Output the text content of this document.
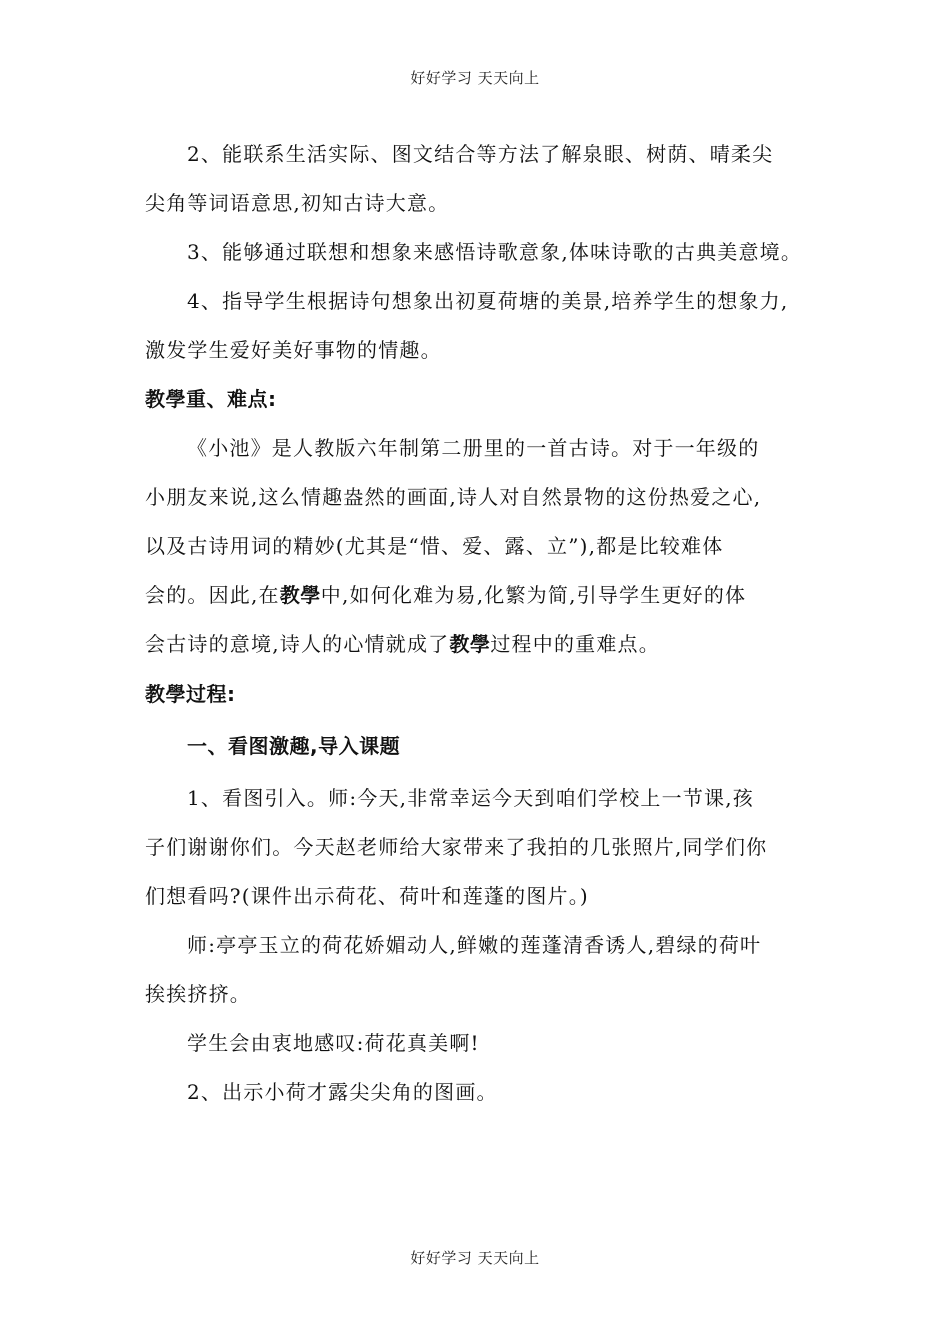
好好学习 天天向上
2、能联系生活实际、图文结合等方法了解泉眼、树荫、晴柔尖
尖角等词语意思,初知古诗大意。
3、能够通过联想和想象来感悟诗歌意象,体味诗歌的古典美意境。
4、指导学生根据诗句想象出初夏荷塘的美景,培养学生的想象力,
激发学生爱好美好事物的情趣。
教學重、难点:
《小池》是人教版六年制第二册里的一首古诗。对于一年级的
小朋友来说,这么情趣盎然的画面,诗人对自然景物的这份热爱之心,
以及古诗用词的精妙(尤其是“惜、爱、露、立”),都是比较难体
会的。因此,在教學中,如何化难为易,化繁为简,引导学生更好的体
会古诗的意境,诗人的心情就成了教學过程中的重难点。
教學过程:
一、看图激趣,导入课题
1、看图引入。师:今天,非常幸运今天到咱们学校上一节课,孩
子们谢谢你们。今天赵老师给大家带来了我拍的几张照片,同学们你
们想看吗?(课件出示荷花、荷叶和莲蓬的图片。)
师:亭亭玉立的荷花娇媚动人,鲜嫩的莲蓬清香诱人,碧绿的荷叶
挨挨挤挤。
学生会由衷地感叹:荷花真美啊!
2、出示小荷才露尖尖角的图画。
好好学习 天天向上
